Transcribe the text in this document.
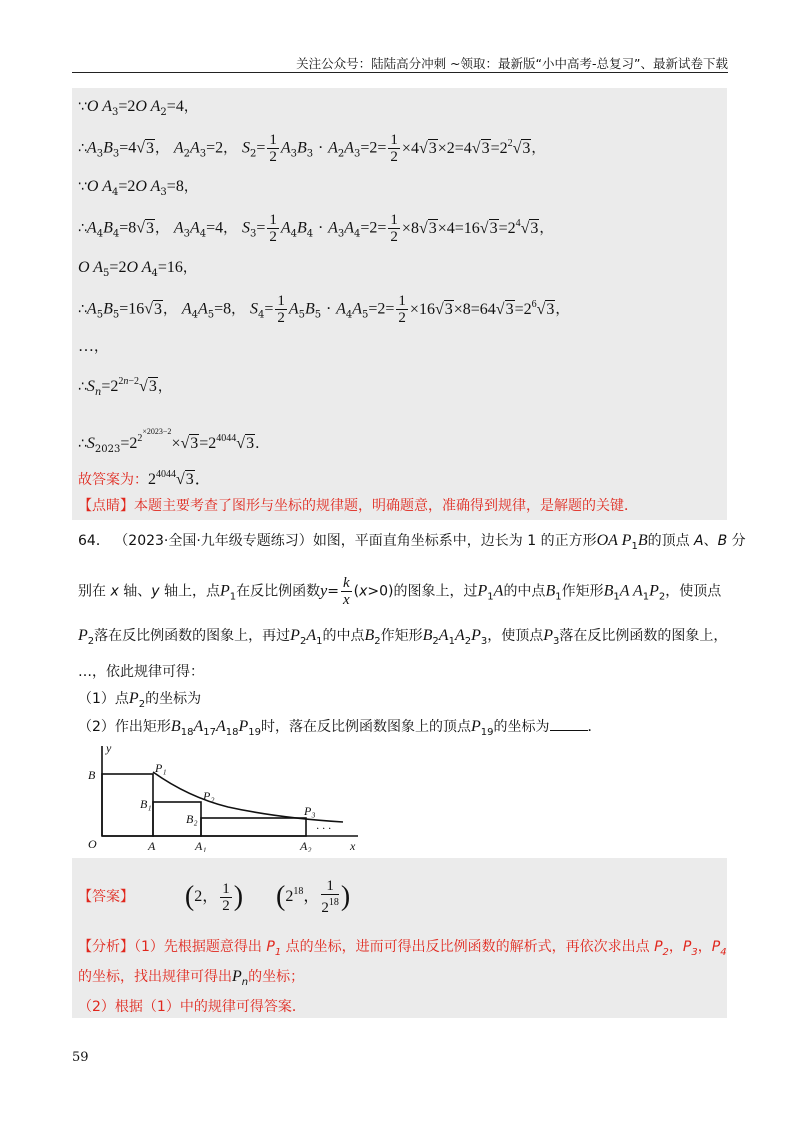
关注公众号：陆陆高分冲刺 ~领取：最新版“小中高考-总复习”、最新试卷下载
∵O $A_3=2O$ $A_2=4$，
$\therefore A_3B_3=4√3$， $A_2A_3=2$， $S_2= \frac{1}{2} A_3B_3 \cdot A_2A_3=2= \frac{1}{2} \times 4√3\times 2=4√3=2^2√3$，
∵O $A_4=2O$ $A_3=8$，
$\therefore A_4B_4=8√3$， $A_3A_4=4$， $S_3= \frac{1}{2} A_4B_4 \cdot A_3A_4=2= \frac{1}{2} \times 8√3\times 4=16√3=2^4√3$，
O $A_5=2O$ $A_4=16$，
$\therefore A_5B_5=16√3$， $A_4A_5=8$， $S_4= \frac{1}{2} A_5B_5 \cdot A_4A_5=2= \frac{1}{2} \times 16√3\times 8=64√3=2^6√3$，
…，
$\therefore S_n=2^{2n-2}√3$，
$\therefore S_{2023}=2^{2^{\times 2023-2}}\times√3=2^{4044}√3$．
故答案为：$2^{4044}√3$．
【点睛】本题主要考查了图形与坐标的规律题，明确题意，准确得到规律，是解题的关键．
64． （2023·全国·九年级专题练习）如图，平面直角坐标系中，边长为 1 的正方形OA $P_1B$的顶点 A、B 分
别在 x 轴、y 轴上，点$P_1$在反比例函数$y= \frac{k}{x} (x>0)$的图象上，过$P_1A$的中点$B_1$作矩形$B_1A$ $A_1P_2$，使顶点
$P_2$落在反比例函数的图象上，再过$P_2A_1$的中点$B_2$作矩形$B_2A_1A_2P_3$，使顶点$P_3$落在反比例函数的图象上，
…，依此规律可得：
（1）点$P_2$的坐标为
（2）作出矩形$B_{18}A_{17}A_{18}P_{19}$时，落在反比例函数图象上的顶点$P_{19}$的坐标为	．
y
x
O
B	P₁
B₁
P₂
B₂
P₃
A	A₁	A₂
· · ·
【答案】 (2， $\frac{1}{2}$ ) ($2^{18}$， $\frac{1}{2^{18}}$ )
【分析】（1）先根据题意得出 $P_1$ 点的坐标，进而可得出反比例函数的解析式，再依次求出点 $P_2$，$P_3$，$P_4$
的坐标，找出规律可得出$P_n$的坐标；
（2）根据（1）中的规律可得答案．
59
